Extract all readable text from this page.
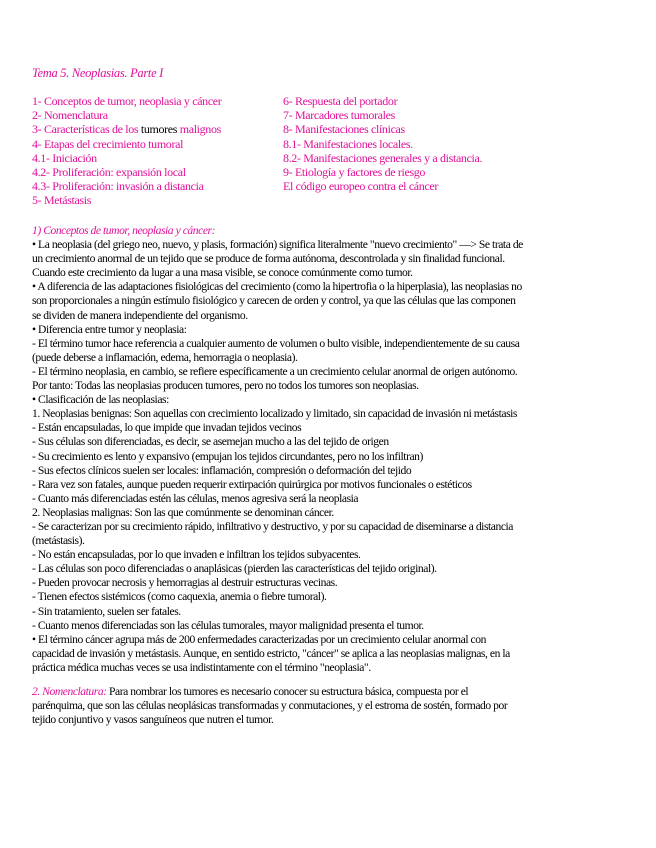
Tema 5. Neoplasias. Parte I
1- Conceptos de tumor, neoplasia y cáncer
2- Nomenclatura
3- Características de los tumores malignos
4- Etapas del crecimiento tumoral
4.1- Iniciación
4.2- Proliferación: expansión local
4.3- Proliferación: invasión a distancia
5- Metástasis
6- Respuesta del portador
7- Marcadores tumorales
8- Manifestaciones clínicas
8.1- Manifestaciones locales.
8.2- Manifestaciones generales y a distancia.
9- Etiología y factores de riesgo
El código europeo contra el cáncer
1) Conceptos de tumor, neoplasia y cáncer:
• La neoplasia (del griego neo, nuevo, y plasis, formación) significa literalmente "nuevo crecimiento" —> Se trata de
un crecimiento anormal de un tejido que se produce de forma autónoma, descontrolada y sin finalidad funcional.
Cuando este crecimiento da lugar a una masa visible, se conoce comúnmente como tumor.
• A diferencia de las adaptaciones fisiológicas del crecimiento (como la hipertrofia o la hiperplasia), las neoplasias no
son proporcionales a ningún estímulo fisiológico y carecen de orden y control, ya que las células que las componen
se dividen de manera independiente del organismo.
• Diferencia entre tumor y neoplasia:
- El término tumor hace referencia a cualquier aumento de volumen o bulto visible, independientemente de su causa
(puede deberse a inflamación, edema, hemorragia o neoplasia).
- El término neoplasia, en cambio, se refiere específicamente a un crecimiento celular anormal de origen autónomo.
Por tanto: Todas las neoplasias producen tumores, pero no todos los tumores son neoplasias.
• Clasificación de las neoplasias:
1. Neoplasias benignas: Son aquellas con crecimiento localizado y limitado, sin capacidad de invasión ni metástasis
- Están encapsuladas, lo que impide que invadan tejidos vecinos
- Sus células son diferenciadas, es decir, se asemejan mucho a las del tejido de origen
- Su crecimiento es lento y expansivo (empujan los tejidos circundantes, pero no los infiltran)
- Sus efectos clínicos suelen ser locales: inflamación, compresión o deformación del tejido
- Rara vez son fatales, aunque pueden requerir extirpación quirúrgica por motivos funcionales o estéticos
- Cuanto más diferenciadas estén las células, menos agresiva será la neoplasia
2. Neoplasias malignas: Son las que comúnmente se denominan cáncer.
- Se caracterizan por su crecimiento rápido, infiltrativo y destructivo, y por su capacidad de diseminarse a distancia
(metástasis).
- No están encapsuladas, por lo que invaden e infiltran los tejidos subyacentes.
- Las células son poco diferenciadas o anaplásicas (pierden las características del tejido original).
- Pueden provocar necrosis y hemorragias al destruir estructuras vecinas.
- Tienen efectos sistémicos (como caquexia, anemia o fiebre tumoral).
- Sin tratamiento, suelen ser fatales.
- Cuanto menos diferenciadas son las células tumorales, mayor malignidad presenta el tumor.
• El término cáncer agrupa más de 200 enfermedades caracterizadas por un crecimiento celular anormal con
capacidad de invasión y metástasis. Aunque, en sentido estricto, "cáncer" se aplica a las neoplasias malignas, en la
práctica médica muchas veces se usa indistintamente con el término "neoplasia".
2. Nomenclatura: Para nombrar los tumores es necesario conocer su estructura básica, compuesta por el
parénquima, que son las células neoplásicas transformadas y conmutaciones, y el estroma de sostén, formado por
tejido conjuntivo y vasos sanguíneos que nutren el tumor.
